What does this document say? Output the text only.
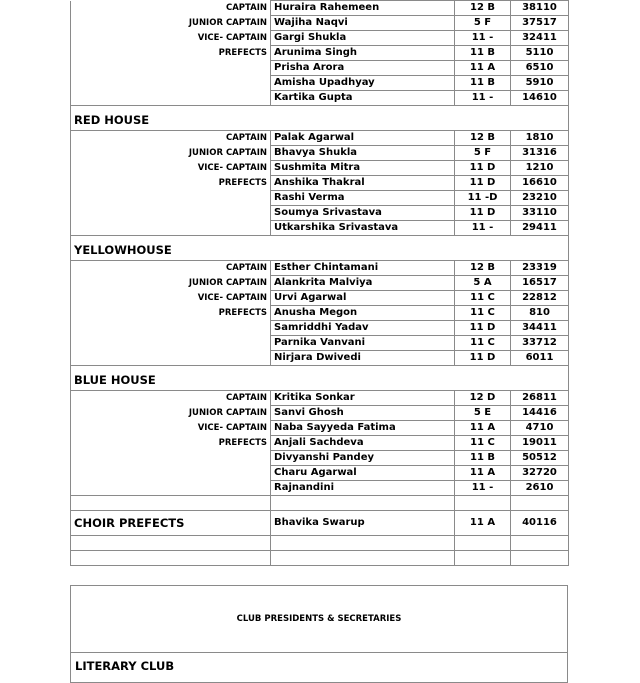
CAPTAIN	Huraira Rahemeen	12 B	38110
JUNIOR CAPTAIN	Wajiha Naqvi	5 F	37517
VICE- CAPTAIN	Gargi Shukla	11 -	32411
PREFECTS	Arunima Singh	11 B	5110
	Prisha Arora	11 A	6510
	Amisha Upadhyay	11 B	5910
	Kartika Gupta	11 -	14610
RED HOUSE			
CAPTAIN	Palak Agarwal	12 B	1810
JUNIOR CAPTAIN	Bhavya Shukla	5 F	31316
VICE- CAPTAIN	Sushmita Mitra	11 D	1210
PREFECTS	Anshika Thakral	11 D	16610
	Rashi Verma	11 -D	23210
	Soumya Srivastava	11 D	33110
	Utkarshika Srivastava	11 -	29411
YELLOWHOUSE			
CAPTAIN	Esther Chintamani	12 B	23319
JUNIOR CAPTAIN	Alankrita Malviya	5 A	16517
VICE- CAPTAIN	Urvi Agarwal	11 C	22812
PREFECTS	Anusha Megon	11 C	810
	Samriddhi Yadav	11 D	34411
	Parnika Vanvani	11 C	33712
	Nirjara Dwivedi	11 D	6011
BLUE HOUSE			
CAPTAIN	Kritika Sonkar	12 D	26811
JUNIOR CAPTAIN	Sanvi Ghosh	5 E	14416
VICE- CAPTAIN	Naba Sayyeda Fatima	11 A	4710
PREFECTS	Anjali Sachdeva	11 C	19011
	Divyanshi Pandey	11 B	50512
	Charu Agarwal	11 A	32720
	Rajnandini	11 -	2610

CHOIR PREFECTS	Bhavika Swarup	11 A	40116

CLUB PRESIDENTS & SECRETARIES
LITERARY CLUB
